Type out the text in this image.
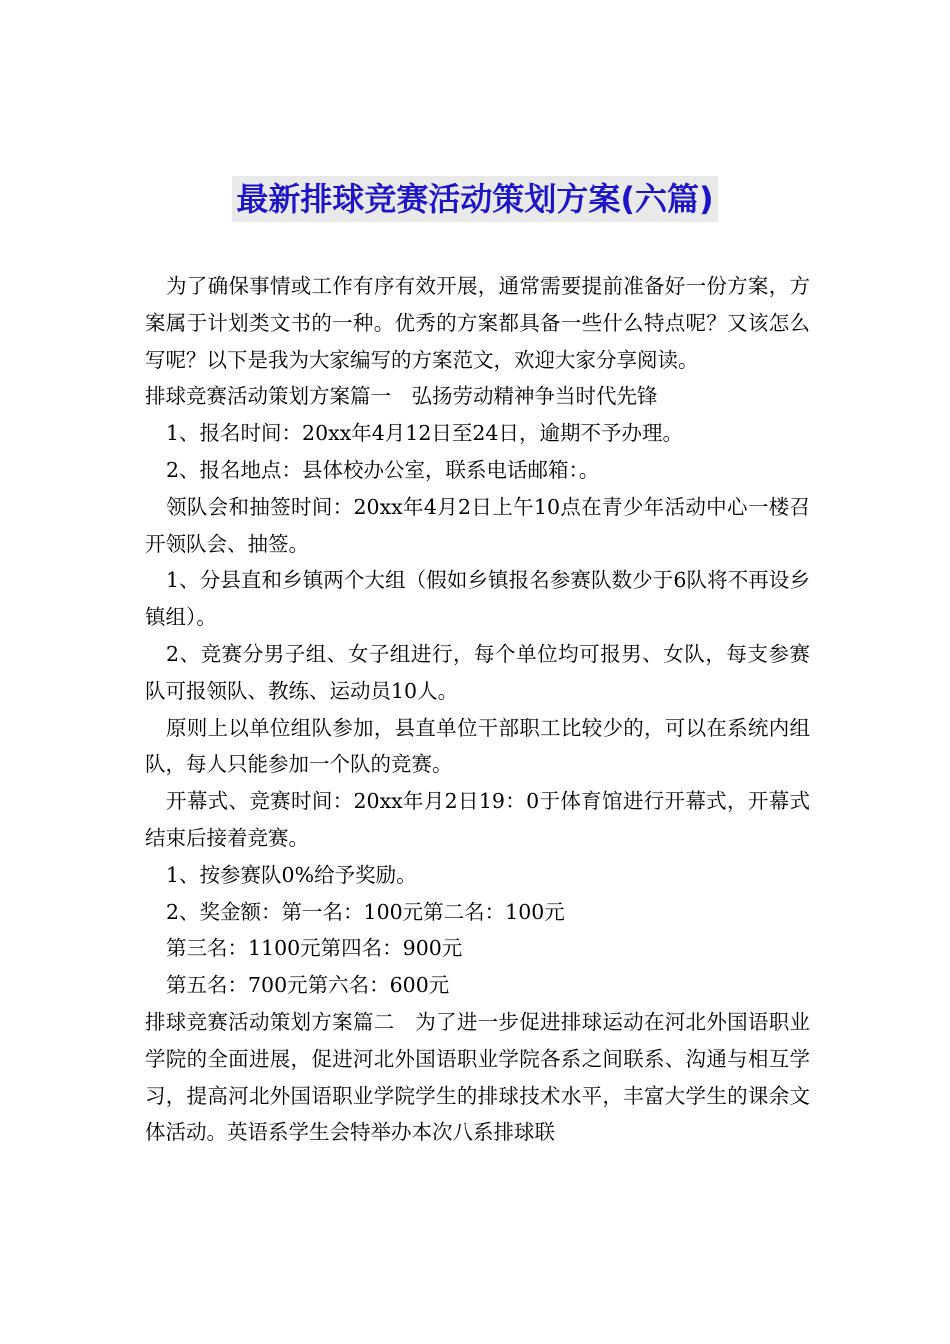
最新排球竞赛活动策划方案(六篇)

为了确保事情或工作有序有效开展，通常需要提前准备好一份方案，方案属于计划类文书的一种。优秀的方案都具备一些什么特点呢？又该怎么写呢？以下是我为大家编写的方案范文，欢迎大家分享阅读。

排球竞赛活动策划方案篇一　弘扬劳动精神争当时代先锋

1、报名时间：20xx年4月12日至24日，逾期不予办理。

2、报名地点：县体校办公室，联系电话邮箱：。

领队会和抽签时间：20xx年4月2日上午10点在青少年活动中心一楼召开领队会、抽签。

1、分县直和乡镇两个大组（假如乡镇报名参赛队数少于6队将不再设乡镇组）。

2、竞赛分男子组、女子组进行，每个单位均可报男、女队，每支参赛队可报领队、教练、运动员10人。

原则上以单位组队参加，县直单位干部职工比较少的，可以在系统内组队，每人只能参加一个队的竞赛。

开幕式、竞赛时间：20xx年月2日19：0于体育馆进行开幕式，开幕式结束后接着竞赛。

1、按参赛队0%给予奖励。

2、奖金额：第一名：100元第二名：100元

第三名：1100元第四名：900元

第五名：700元第六名：600元

排球竞赛活动策划方案篇二　为了进一步促进排球运动在河北外国语职业学院的全面进展，促进河北外国语职业学院各系之间联系、沟通与相互学习，提高河北外国语职业学院学生的排球技术水平，丰富大学生的课余文体活动。英语系学生会特举办本次八系排球联
